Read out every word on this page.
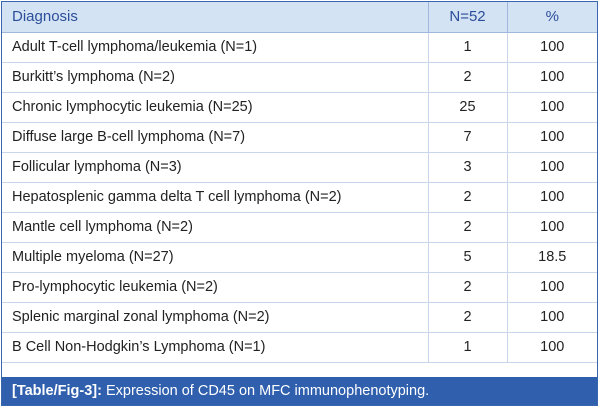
Diagnosis	N=52	%
Adult T-cell lymphoma/leukemia (N=1)	1	100
Burkitt’s lymphoma (N=2)	2	100
Chronic lymphocytic leukemia (N=25)	25	100
Diffuse large B-cell lymphoma (N=7)	7	100
Follicular lymphoma (N=3)	3	100
Hepatosplenic gamma delta T cell lymphoma (N=2)	2	100
Mantle cell lymphoma (N=2)	2	100
Multiple myeloma (N=27)	5	18.5
Pro-lymphocytic leukemia (N=2)	2	100
Splenic marginal zonal lymphoma (N=2)	2	100
B Cell Non-Hodgkin’s Lymphoma (N=1)	1	100
[Table/Fig-3]: Expression of CD45 on MFC immunophenotyping.
